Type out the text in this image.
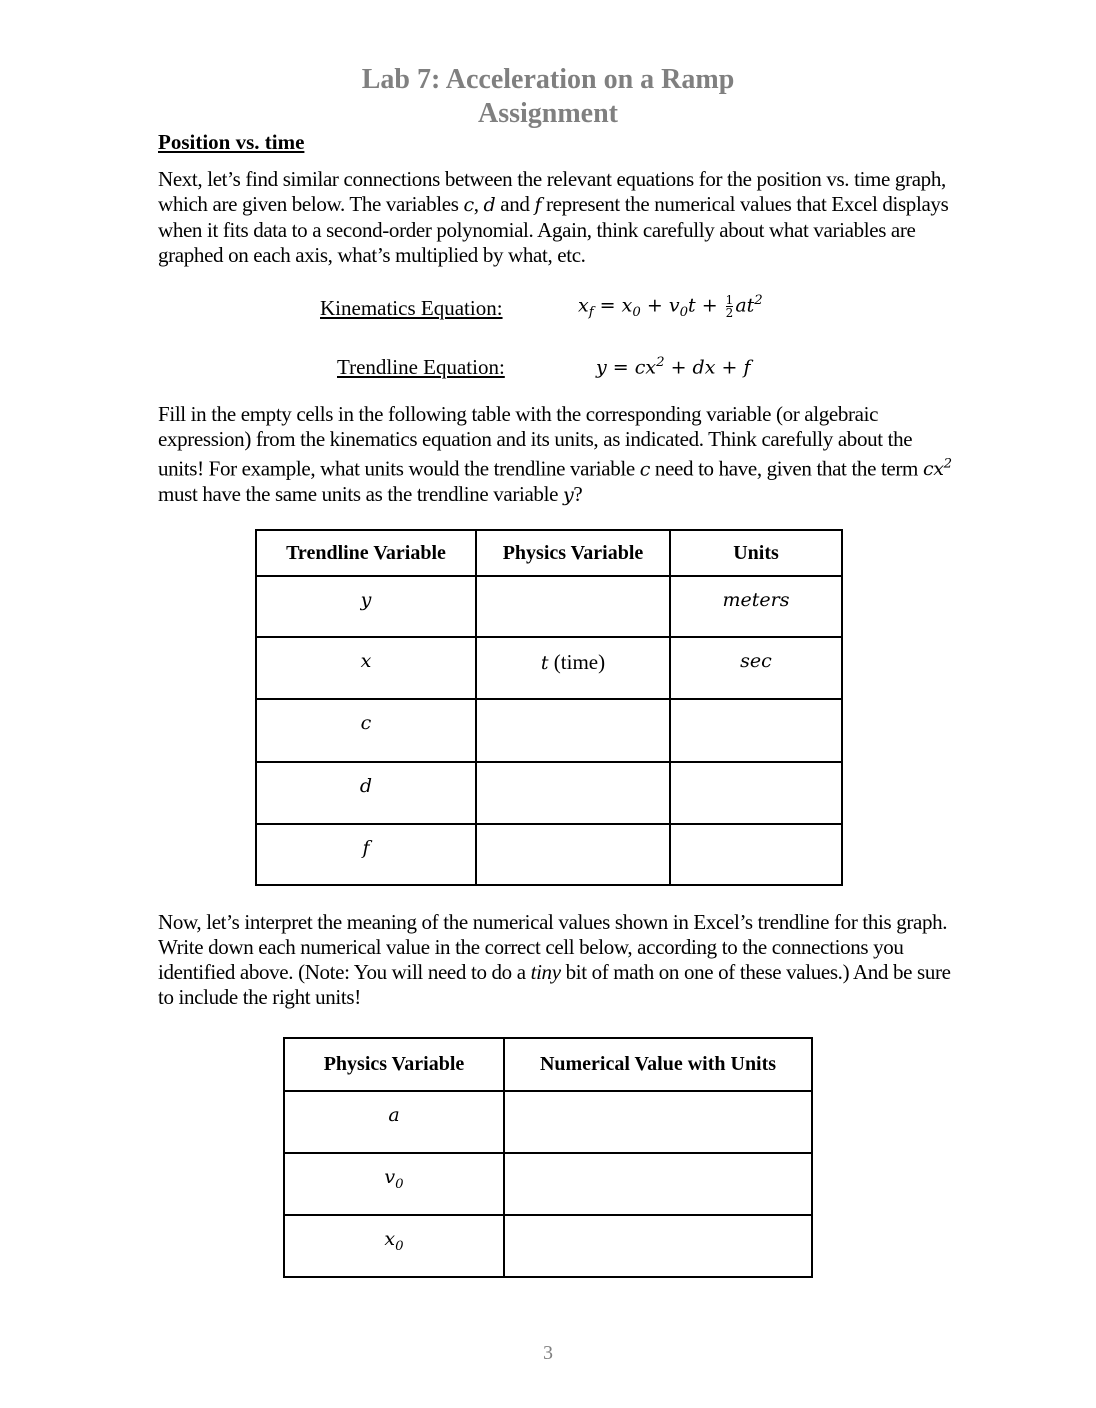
Lab 7: Acceleration on a Ramp
Assignment
Position vs. time
Next, let’s find similar connections between the relevant equations for the position vs. time graph, which are given below. The variables c, d and f represent the numerical values that Excel displays when it fits data to a second-order polynomial. Again, think carefully about what variables are graphed on each axis, what’s multiplied by what, etc.
Kinematics Equation:	$x_f = x_0 + v_0t + \frac{1}{2} at^2$
Trendline Equation:	$y = cx^2$ + dx + f
Fill in the empty cells in the following table with the corresponding variable (or algebraic expression) from the kinematics equation and its units, as indicated. Think carefully about the units! For example, what units would the trendline variable c need to have, given that the term $cx^2$ must have the same units as the trendline variable y?
Trendline Variable	Physics Variable	Units
y		meters
x	t (time)	sec
c		
d		
f		
Now, let’s interpret the meaning of the numerical values shown in Excel’s trendline for this graph. Write down each numerical value in the correct cell below, according to the connections you identified above. (Note: You will need to do a tiny bit of math on one of these values.) And be sure to include the right units!
Physics Variable	Numerical Value with Units
a	
$v_0$	
$x_0$	
3
